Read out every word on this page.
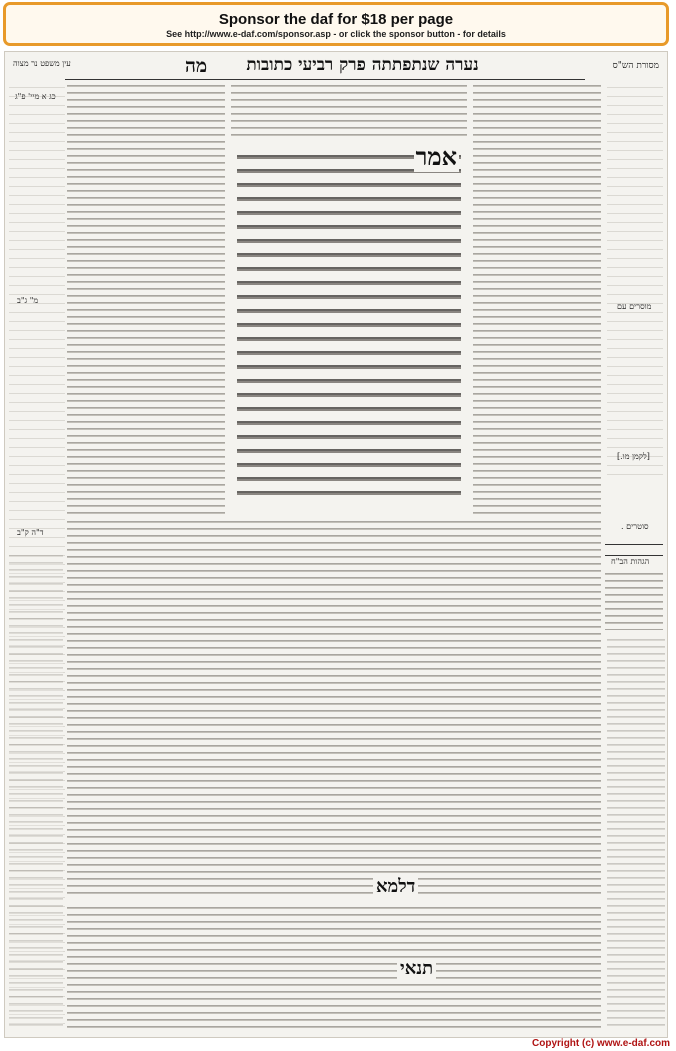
Sponsor the daf for $18 per page
See http://www.e-daf.com/sponsor.asp - or click the sponsor button - for details
עין משפט נר מצוה	מה	נערה שנתפתתה פרק רביעי כתובות	מסורת הש"ס
כג א מיי' פ"ג
מ" ג"ב
ד"ה ק"ב
מוסרים עם
[לקמן מו.]
סוטרים .
הגהות הב"ח
אמר
דלמא
תנאי
Copyright (c) www.e-daf.com
